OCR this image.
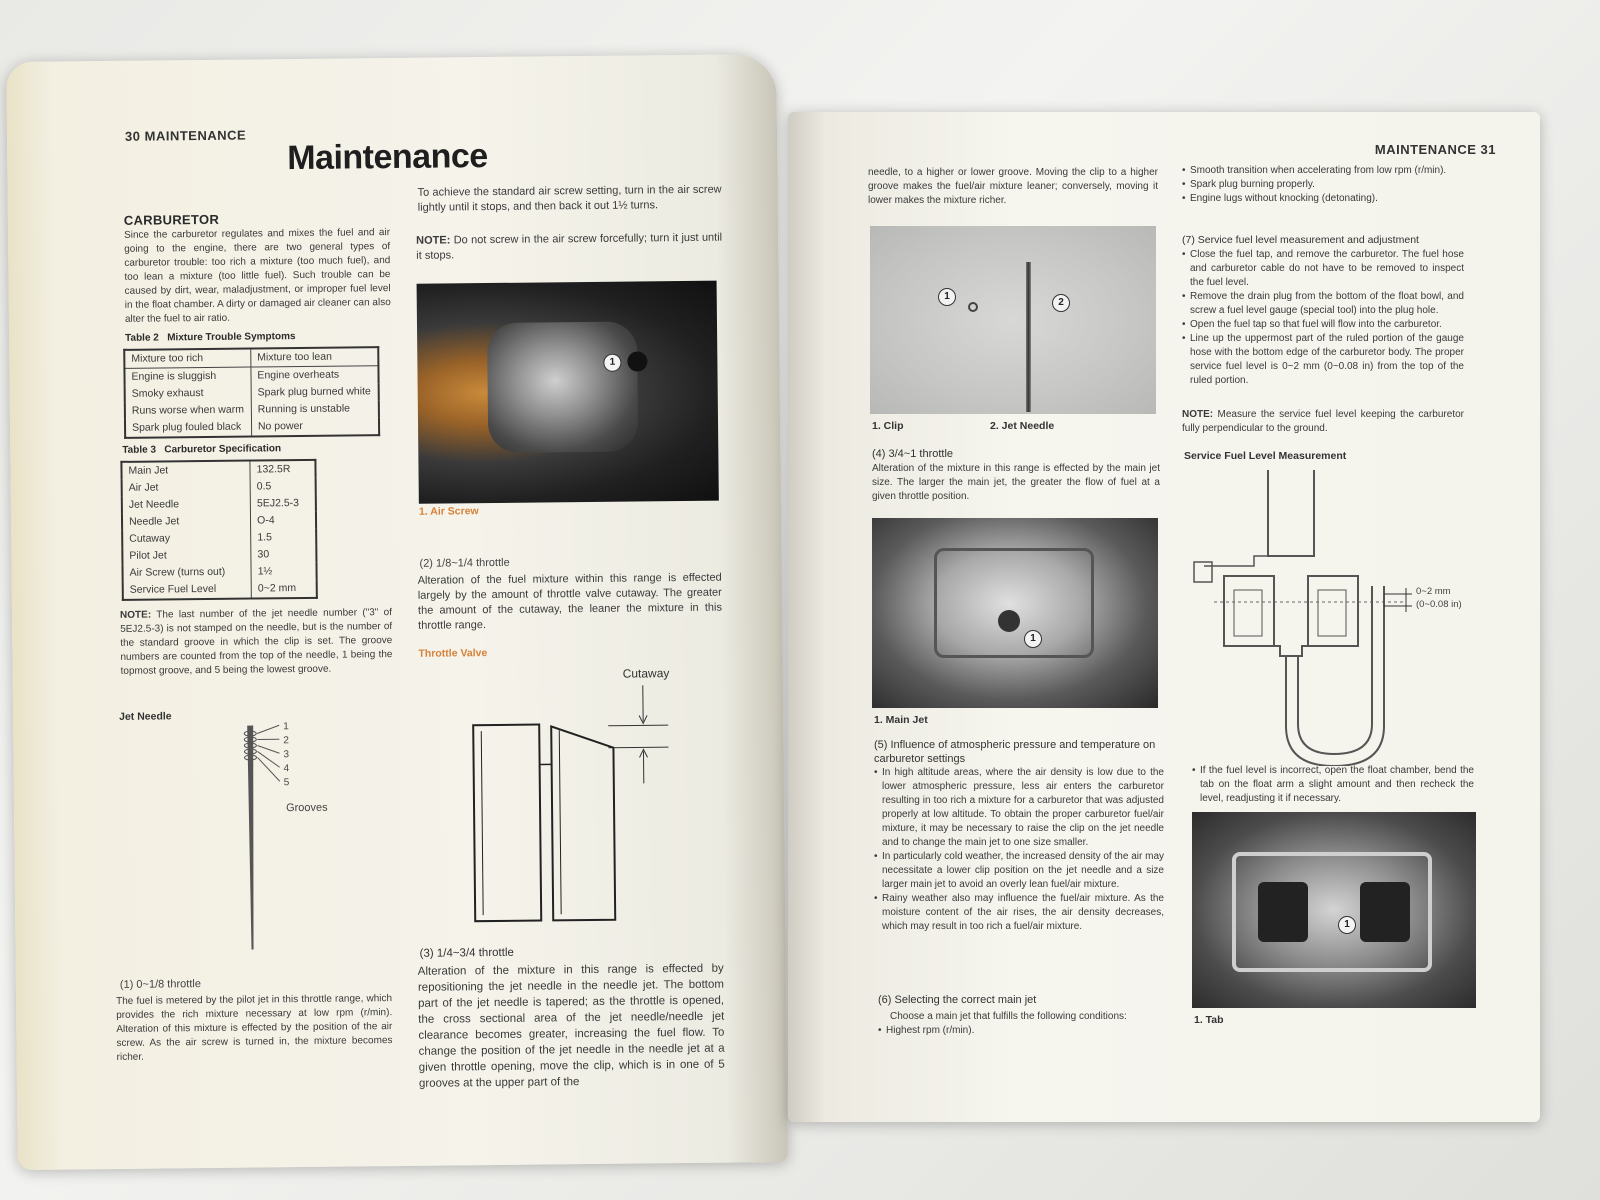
30 MAINTENANCE
Maintenance
CARBURETOR
Since the carburetor regulates and mixes the fuel and air going to the engine, there are two general types of carburetor trouble: too rich a mixture (too much fuel), and too lean a mixture (too little fuel). Such trouble can be caused by dirt, wear, maladjustment, or improper fuel level in the float chamber. A dirty or damaged air cleaner can also alter the fuel to air ratio.
Table 2 Mixture Trouble Symptoms
Mixture too rich	Mixture too lean
Engine is sluggish	Engine overheats
Smoky exhaust	Spark plug burned white
Runs worse when warm	Running is unstable
Spark plug fouled black	No power
Table 3 Carburetor Specification
Main Jet	132.5R
Air Jet	0.5
Jet Needle	5EJ2.5-3
Needle Jet	O-4
Cutaway	1.5
Pilot Jet	30
Air Screw (turns out)	1½
Service Fuel Level	0~2 mm
NOTE: The last number of the jet needle number ("3" of 5EJ2.5-3) is not stamped on the needle, but is the number of the standard groove in which the clip is set. The groove numbers are counted from the top of the needle, 1 being the topmost groove, and 5 being the lowest groove.
Jet Needle
1
2
3
4
5
Grooves
(1) 0~1/8 throttle
The fuel is metered by the pilot jet in this throttle range, which provides the rich mixture necessary at low rpm (r/min). Alteration of this mixture is effected by the position of the air screw. As the air screw is turned in, the mixture becomes richer.
To achieve the standard air screw setting, turn in the air screw lightly until it stops, and then back it out 1½ turns.
NOTE: Do not screw in the air screw forcefully; turn it just until it stops.
1
1. Air Screw
(2) 1/8~1/4 throttle
Alteration of the fuel mixture within this range is effected largely by the amount of throttle valve cutaway. The greater the amount of the cutaway, the leaner the mixture in this throttle range.
Throttle Valve
Cutaway
(3) 1/4~3/4 throttle
Alteration of the mixture in this range is effected by repositioning the jet needle in the needle jet. The bottom part of the jet needle is tapered; as the throttle is opened, the cross sectional area of the jet needle/needle jet clearance becomes greater, increasing the fuel flow. To change the position of the jet needle in the needle jet at a given throttle opening, move the clip, which is in one of 5 grooves at the upper part of the
MAINTENANCE 31
needle, to a higher or lower groove. Moving the clip to a higher groove makes the fuel/air mixture leaner; conversely, moving it lower makes the mixture richer.
1
2
1. Clip	2. Jet Needle
(4) 3/4~1 throttle
Alteration of the mixture in this range is effected by the main jet size. The larger the main jet, the greater the flow of fuel at a given throttle position.
1
1. Main Jet
(5) Influence of atmospheric pressure and temperature on carburetor settings
• In high altitude areas, where the air density is low due to the lower atmospheric pressure, less air enters the carburetor resulting in too rich a mixture for a carburetor that was adjusted properly at low altitude. To obtain the proper carburetor fuel/air mixture, it may be necessary to raise the clip on the jet needle and to change the main jet to one size smaller.
• In particularly cold weather, the increased density of the air may necessitate a lower clip position on the jet needle and a size larger main jet to avoid an overly lean fuel/air mixture.
• Rainy weather also may influence the fuel/air mixture. As the moisture content of the air rises, the air density decreases, which may result in too rich a fuel/air mixture.
(6) Selecting the correct main jet
Choose a main jet that fulfills the following conditions:
• Highest rpm (r/min).
• Smooth transition when accelerating from low rpm (r/min).
• Spark plug burning properly.
• Engine lugs without knocking (detonating).
(7) Service fuel level measurement and adjustment
• Close the fuel tap, and remove the carburetor. The fuel hose and carburetor cable do not have to be removed to inspect the fuel level.
• Remove the drain plug from the bottom of the float bowl, and screw a fuel level gauge (special tool) into the plug hole.
• Open the fuel tap so that fuel will flow into the carburetor.
• Line up the uppermost part of the ruled portion of the gauge hose with the bottom edge of the carburetor body. The proper service fuel level is 0~2 mm (0~0.08 in) from the top of the ruled portion.
NOTE: Measure the service fuel level keeping the carburetor fully perpendicular to the ground.
Service Fuel Level Measurement
0~2 mm
(0~0.08 in)
• If the fuel level is incorrect, open the float chamber, bend the tab on the float arm a slight amount and then recheck the level, readjusting it if necessary.
1
1. Tab
